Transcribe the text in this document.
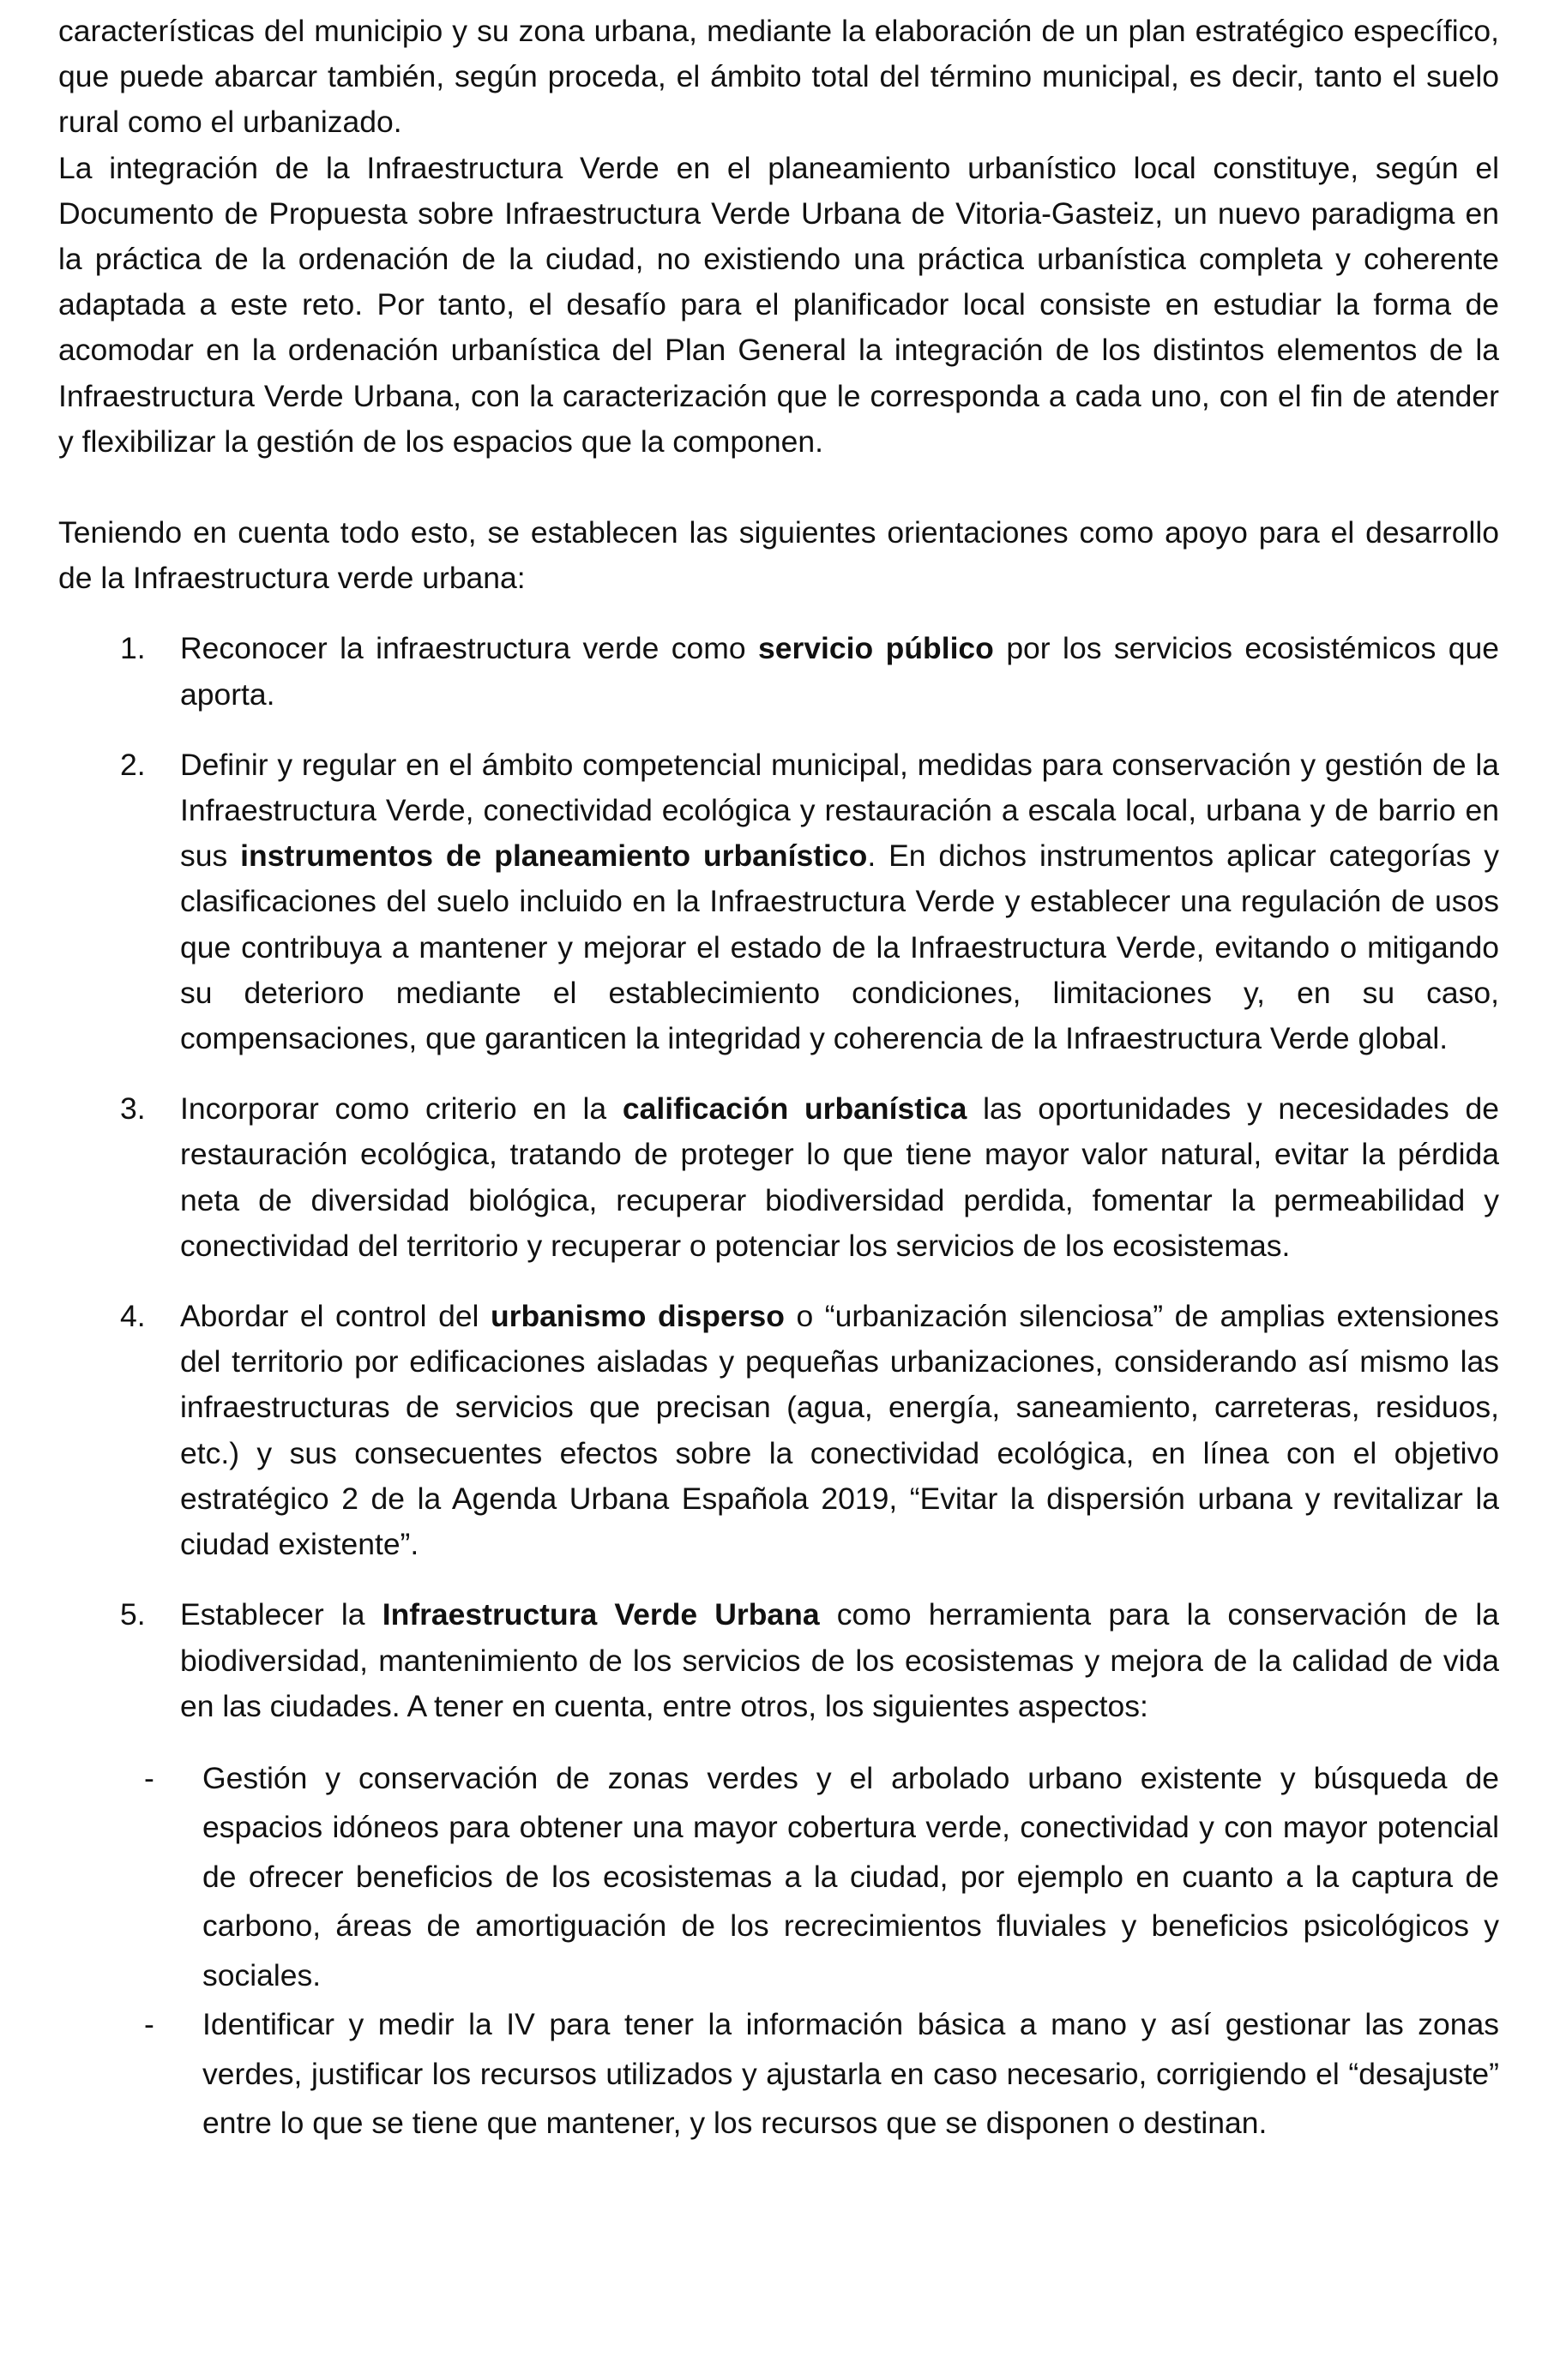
características del municipio y su zona urbana, mediante la elaboración de un plan estratégico específico, que puede abarcar también, según proceda, el ámbito total del término municipal, es decir, tanto el suelo rural como el urbanizado.

La integración de la Infraestructura Verde en el planeamiento urbanístico local constituye, según el Documento de Propuesta sobre Infraestructura Verde Urbana de Vitoria-Gasteiz, un nuevo paradigma en la práctica de la ordenación de la ciudad, no existiendo una práctica urbanística completa y coherente adaptada a este reto. Por tanto, el desafío para el planificador local consiste en estudiar la forma de acomodar en la ordenación urbanística del Plan General la integración de los distintos elementos de la Infraestructura Verde Urbana, con la caracterización que le corresponda a cada uno, con el fin de atender y flexibilizar la gestión de los espacios que la componen.

Teniendo en cuenta todo esto, se establecen las siguientes orientaciones como apoyo para el desarrollo de la Infraestructura verde urbana:

1. Reconocer la infraestructura verde como servicio público por los servicios ecosistémicos que aporta.
2. Definir y regular en el ámbito competencial municipal, medidas para conservación y gestión de la Infraestructura Verde, conectividad ecológica y restauración a escala local, urbana y de barrio en sus instrumentos de planeamiento urbanístico. En dichos instrumentos aplicar categorías y clasificaciones del suelo incluido en la Infraestructura Verde y establecer una regulación de usos que contribuya a mantener y mejorar el estado de la Infraestructura Verde, evitando o mitigando su deterioro mediante el establecimiento condiciones, limitaciones y, en su caso, compensaciones, que garanticen la integridad y coherencia de la Infraestructura Verde global.
3. Incorporar como criterio en la calificación urbanística las oportunidades y necesidades de restauración ecológica, tratando de proteger lo que tiene mayor valor natural, evitar la pérdida neta de diversidad biológica, recuperar biodiversidad perdida, fomentar la permeabilidad y conectividad del territorio y recuperar o potenciar los servicios de los ecosistemas.
4. Abordar el control del urbanismo disperso o “urbanización silenciosa” de amplias extensiones del territorio por edificaciones aisladas y pequeñas urbanizaciones, considerando así mismo las infraestructuras de servicios que precisan (agua, energía, saneamiento, carreteras, residuos, etc.) y sus consecuentes efectos sobre la conectividad ecológica, en línea con el objetivo estratégico 2 de la Agenda Urbana Española 2019, “Evitar la dispersión urbana y revitalizar la ciudad existente”.
5. Establecer la Infraestructura Verde Urbana como herramienta para la conservación de la biodiversidad, mantenimiento de los servicios de los ecosistemas y mejora de la calidad de vida en las ciudades. A tener en cuenta, entre otros, los siguientes aspectos:
- Gestión y conservación de zonas verdes y el arbolado urbano existente y búsqueda de espacios idóneos para obtener una mayor cobertura verde, conectividad y con mayor potencial de ofrecer beneficios de los ecosistemas a la ciudad, por ejemplo en cuanto a la captura de carbono, áreas de amortiguación de los recrecimientos fluviales y beneficios psicológicos y sociales.
- Identificar y medir la IV para tener la información básica a mano y así gestionar las zonas verdes, justificar los recursos utilizados y ajustarla en caso necesario, corrigiendo el “desajuste” entre lo que se tiene que mantener, y los recursos que se disponen o destinan.
